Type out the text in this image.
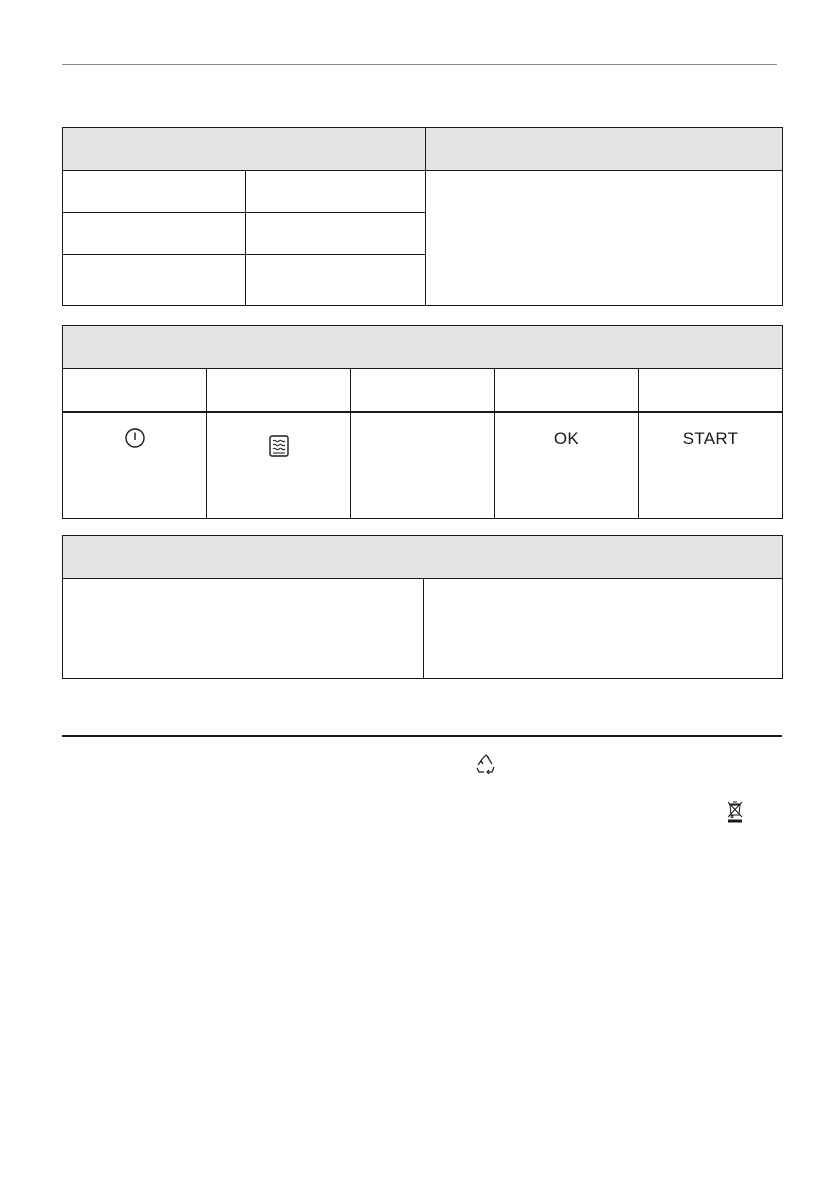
			OK	START
